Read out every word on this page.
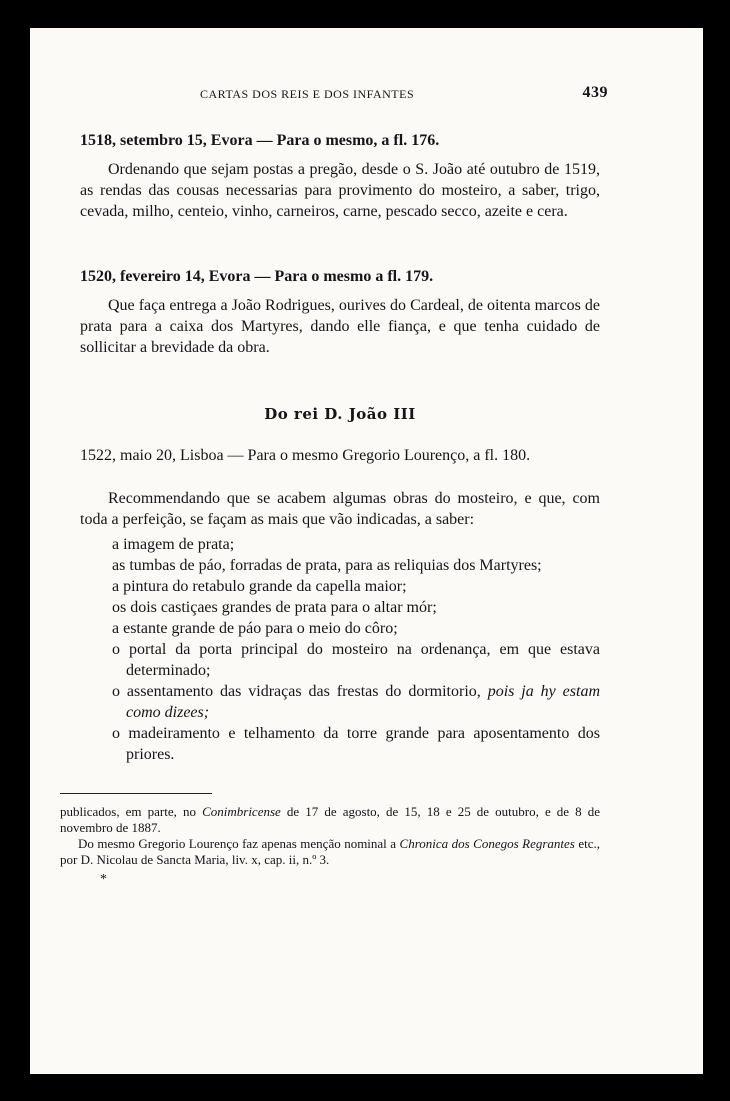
CARTAS DOS REIS E DOS INFANTES	439
1518, setembro 15, Evora — Para o mesmo, a fl. 176.

Ordenando que sejam postas a pregão, desde o S. João até outubro de 1519, as rendas das cousas necessarias para provimento do mosteiro, a saber, trigo, cevada, milho, centeio, vinho, carneiros, carne, pescado secco, azeite e cera.

1520, fevereiro 14, Evora — Para o mesmo a fl. 179.

Que faça entrega a João Rodrigues, ourives do Cardeal, de oitenta marcos de prata para a caixa dos Martyres, dando elle fiança, e que tenha cuidado de sollicitar a brevidade da obra.

Do rei D. João III
1522, maio 20, Lisboa — Para o mesmo Gregorio Lourenço, a fl. 180.

Recommendando que se acabem algumas obras do mosteiro, e que, com toda a perfeição, se façam as mais que vão indicadas, a saber:

a imagem de prata;
as tumbas de páo, forradas de prata, para as reliquias dos Martyres;
a pintura do retabulo grande da capella maior;
os dois castiçaes grandes de prata para o altar mór;
a estante grande de páo para o meio do côro;
o portal da porta principal do mosteiro na ordenança, em que estava determinado;
o assentamento das vidraças das frestas do dormitorio, pois ja hy estam como dizees;
o madeiramento e telhamento da torre grande para aposentamento dos priores.

publicados, em parte, no Conimbricense de 17 de agosto, de 15, 18 e 25 de outubro, e de 8 de novembro de 1887.

Do mesmo Gregorio Lourenço faz apenas menção nominal a Chronica dos Conegos Regrantes etc., por D. Nicolau de Sancta Maria, liv. x, cap. ii, n.º 3.

*
